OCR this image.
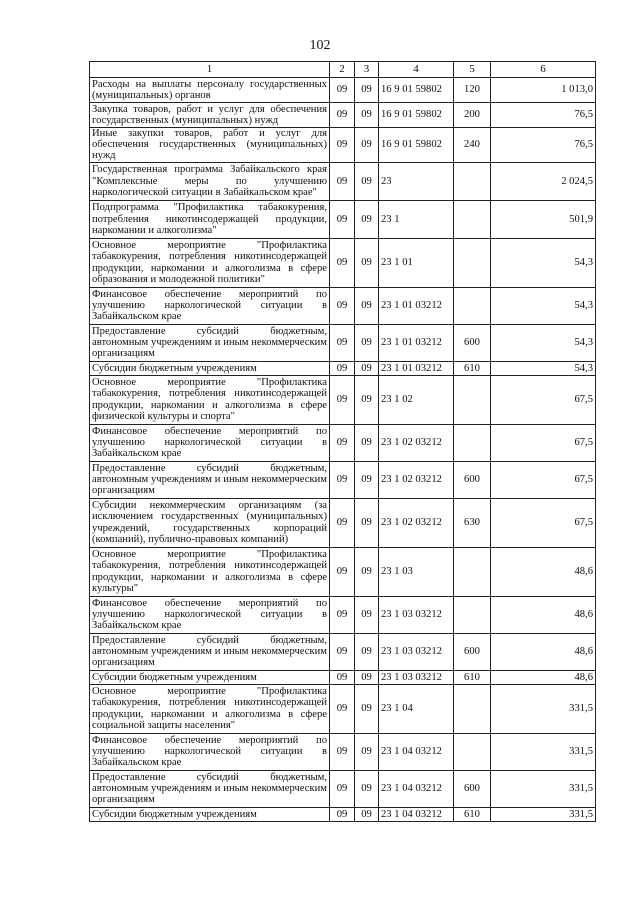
102
1	2	3	4	5	6
Расходы на выплаты персоналу государственных (муниципальных) органов	09	09	16 9 01 59802	120	1 013,0
Закупка товаров, работ и услуг для обеспечения государственных (муниципальных) нужд	09	09	16 9 01 59802	200	76,5
Иные закупки товаров, работ и услуг для обеспечения государственных (муниципальных) нужд	09	09	16 9 01 59802	240	76,5
Государственная программа Забайкальского края "Комплексные меры по улучшению наркологической ситуации в Забайкальском крае"	09	09	23		2 024,5
Подпрограмма "Профилактика табакокурения, потребления никотинсодержащей продукции, наркомании и алкоголизма"	09	09	23 1		501,9
Основное мероприятие "Профилактика табакокурения, потребления никотинсодержащей продукции, наркомании и алкоголизма в сфере образования и молодежной политики"	09	09	23 1 01		54,3
Финансовое обеспечение мероприятий по улучшению наркологической ситуации в Забайкальском крае	09	09	23 1 01 03212		54,3
Предоставление субсидий бюджетным, автономным учреждениям и иным некоммерческим организациям	09	09	23 1 01 03212	600	54,3
Субсидии бюджетным учреждениям	09	09	23 1 01 03212	610	54,3
Основное мероприятие "Профилактика табакокурения, потребления никотинсодержащей продукции, наркомании и алкоголизма в сфере физической культуры и спорта"	09	09	23 1 02		67,5
Финансовое обеспечение мероприятий по улучшению наркологической ситуации в Забайкальском крае	09	09	23 1 02 03212		67,5
Предоставление субсидий бюджетным, автономным учреждениям и иным некоммерческим организациям	09	09	23 1 02 03212	600	67,5
Субсидии некоммерческим организациям (за исключением государственных (муниципальных) учреждений, государственных корпораций (компаний), публично-правовых компаний)	09	09	23 1 02 03212	630	67,5
Основное мероприятие "Профилактика табакокурения, потребления никотинсодержащей продукции, наркомании и алкоголизма в сфере культуры"	09	09	23 1 03		48,6
Финансовое обеспечение мероприятий по улучшению наркологической ситуации в Забайкальском крае	09	09	23 1 03 03212		48,6
Предоставление субсидий бюджетным, автономным учреждениям и иным некоммерческим организациям	09	09	23 1 03 03212	600	48,6
Субсидии бюджетным учреждениям	09	09	23 1 03 03212	610	48,6
Основное мероприятие "Профилактика табакокурения, потребления никотинсодержащей продукции, наркомании и алкоголизма в сфере социальной защиты населения"	09	09	23 1 04		331,5
Финансовое обеспечение мероприятий по улучшению наркологической ситуации в Забайкальском крае	09	09	23 1 04 03212		331,5
Предоставление субсидий бюджетным, автономным учреждениям и иным некоммерческим организациям	09	09	23 1 04 03212	600	331,5
Субсидии бюджетным учреждениям	09	09	23 1 04 03212	610	331,5
